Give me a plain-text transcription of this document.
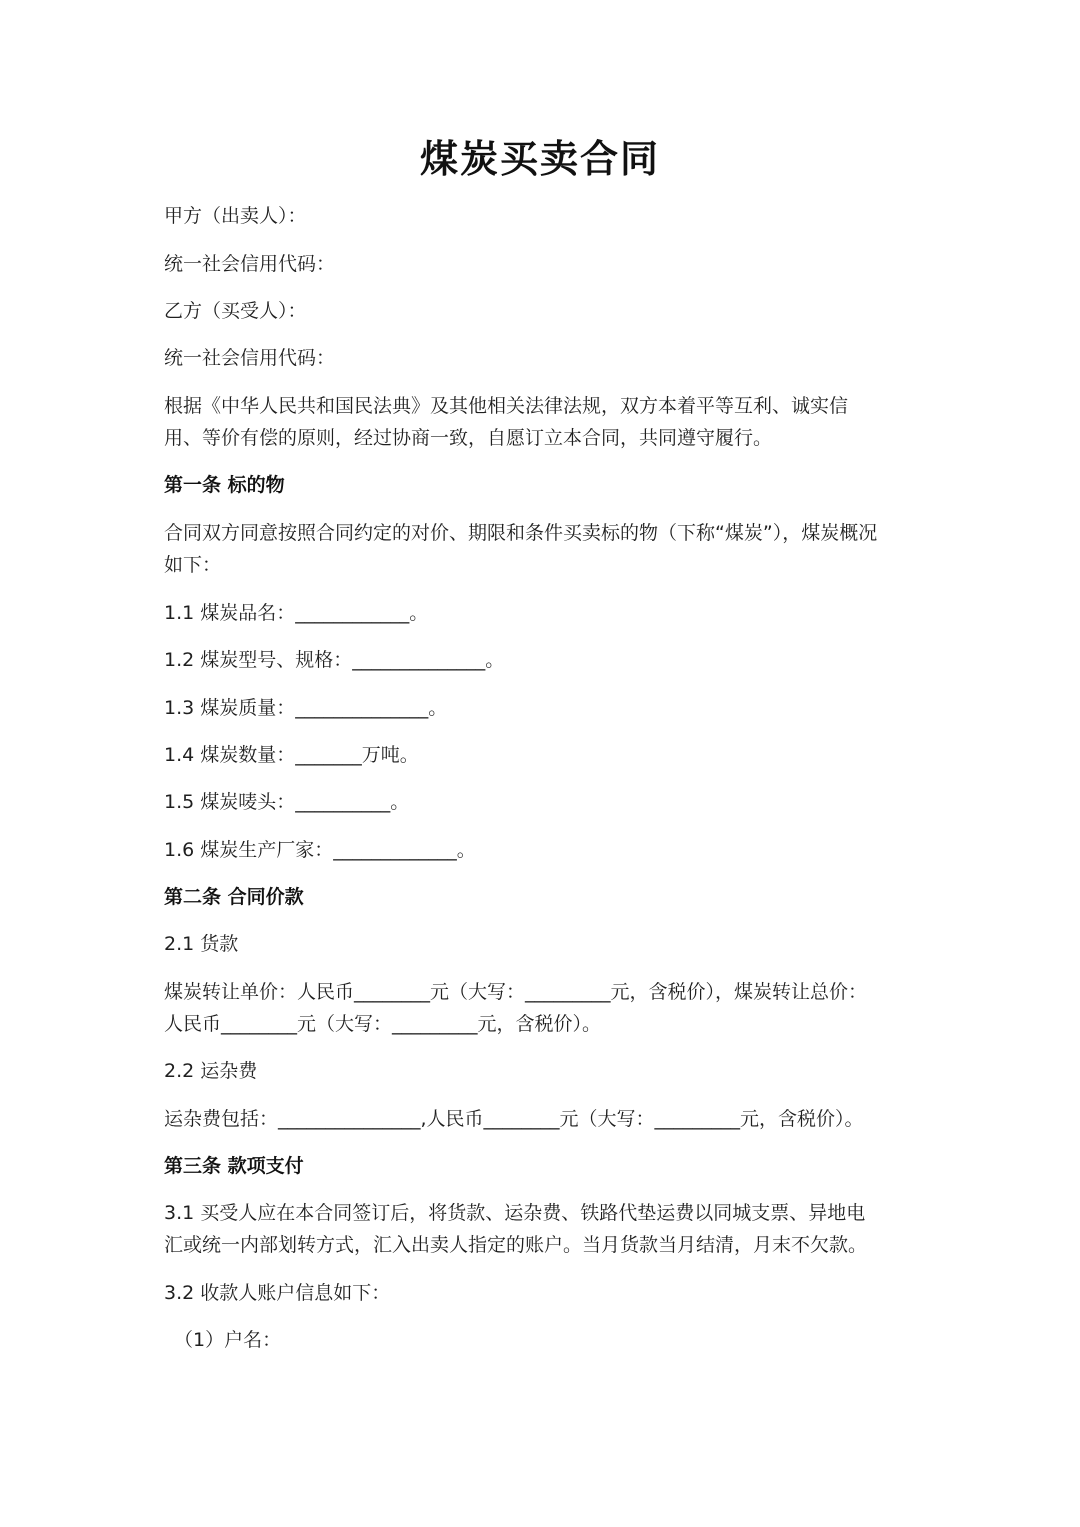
煤炭买卖合同
甲方（出卖人）：
统一社会信用代码：
乙方（买受人）：
统一社会信用代码：
根据《中华人民共和国民法典》及其他相关法律法规，双方本着平等互利、诚实信
用、等价有偿的原则，经过协商一致，自愿订立本合同，共同遵守履行。
第一条 标的物
合同双方同意按照合同约定的对价、期限和条件买卖标的物（下称“煤炭”），煤炭概况
如下：
1.1 煤炭品名：____________。
1.2 煤炭型号、规格：______________。
1.3 煤炭质量：______________。
1.4 煤炭数量：_______万吨。
1.5 煤炭唛头：__________。
1.6 煤炭生产厂家：_____________。
第二条 合同价款
2.1 货款
煤炭转让单价：人民币________元（大写：_________元，含税价），煤炭转让总价：
人民币________元（大写：_________元，含税价）。
2.2 运杂费
运杂费包括：_______________,人民币________元（大写：_________元，含税价）。
第三条 款项支付
3.1 买受人应在本合同签订后，将货款、运杂费、铁路代垫运费以同城支票、异地电
汇或统一内部划转方式，汇入出卖人指定的账户。当月货款当月结清，月末不欠款。
3.2 收款人账户信息如下：
（1）户名：
